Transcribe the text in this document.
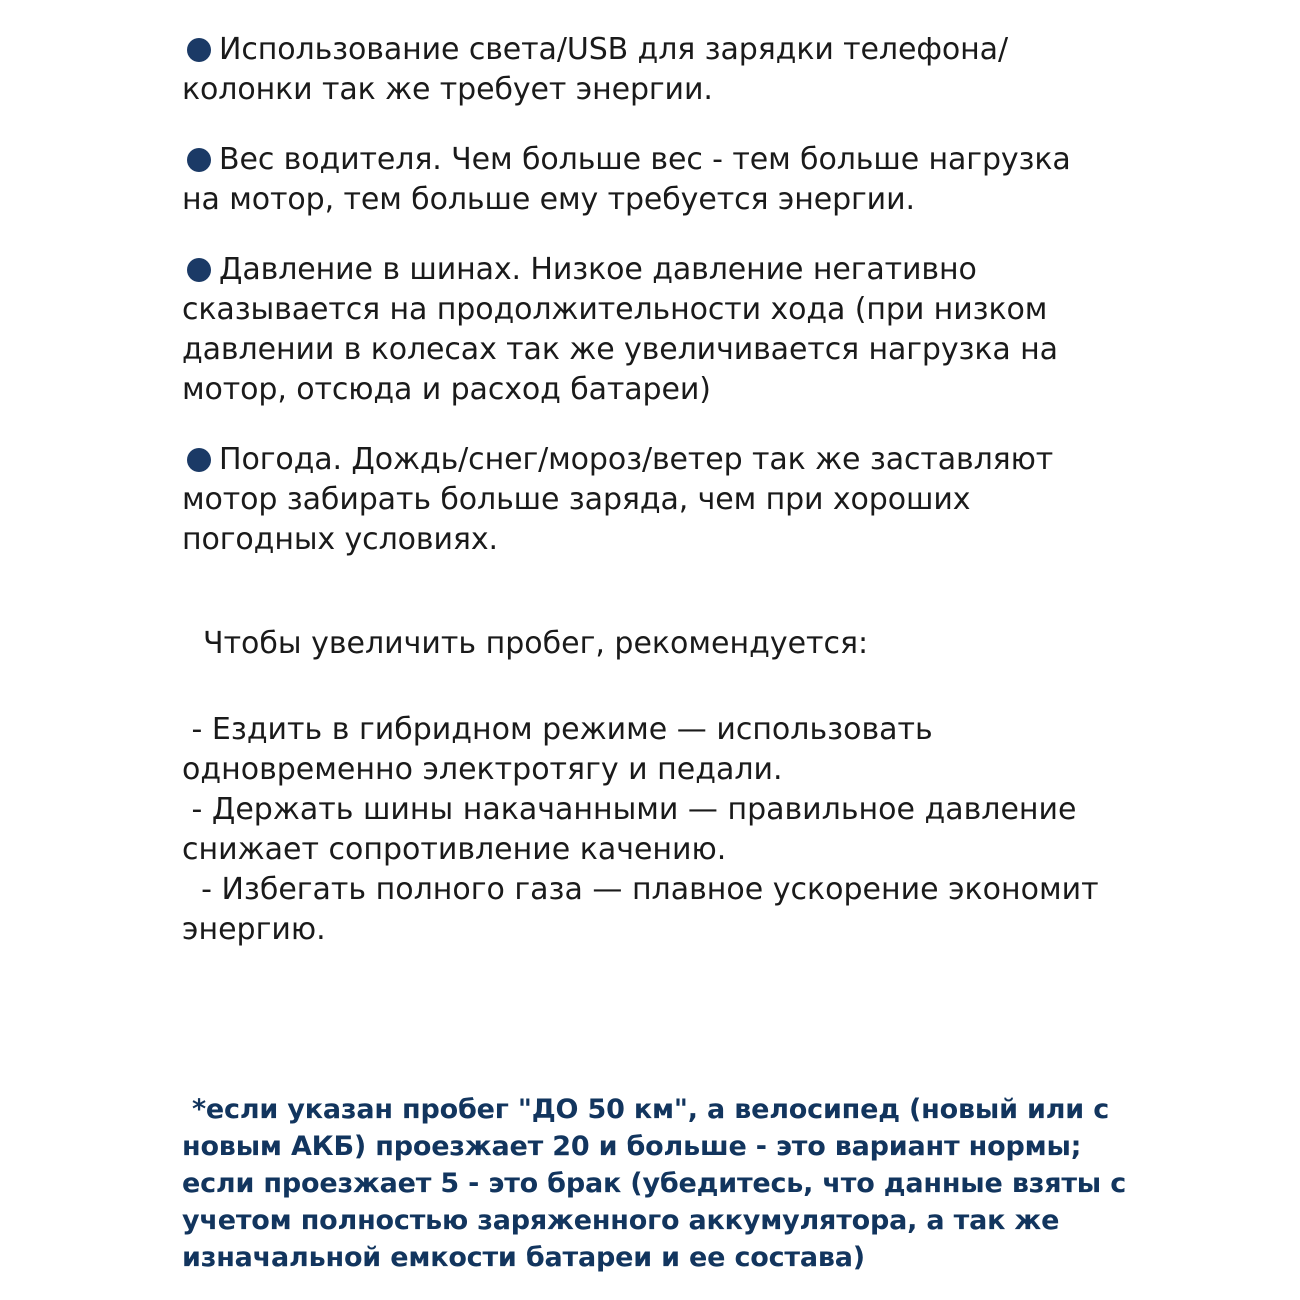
Использование света/USB для зарядки телефона/колонки так же требует энергии.

Вес водителя. Чем больше вес - тем больше нагрузка на мотор, тем больше ему требуется энергии.

Давление в шинах. Низкое давление негативно сказывается на продолжительности хода (при низком давлении в колесах так же увеличивается нагрузка на мотор, отсюда и расход батареи)

Погода. Дождь/снег/мороз/ветер так же заставляют мотор забирать больше заряда, чем при хороших погодных условиях.

Чтобы увеличить пробег, рекомендуется:

- Ездить в гибридном режиме — использовать одновременно электротягу и педали.

- Держать шины накачанными — правильное давление снижает сопротивление качению.

- Избегать полного газа — плавное ускорение экономит энергию.

*если указан пробег "ДО 50 км", а велосипед (новый или с новым АКБ) проезжает 20 и больше - это вариант нормы; если проезжает 5 - это брак (убедитесь, что данные взяты с учетом полностью заряженного аккумулятора, а так же изначальной емкости батареи и ее состава)
